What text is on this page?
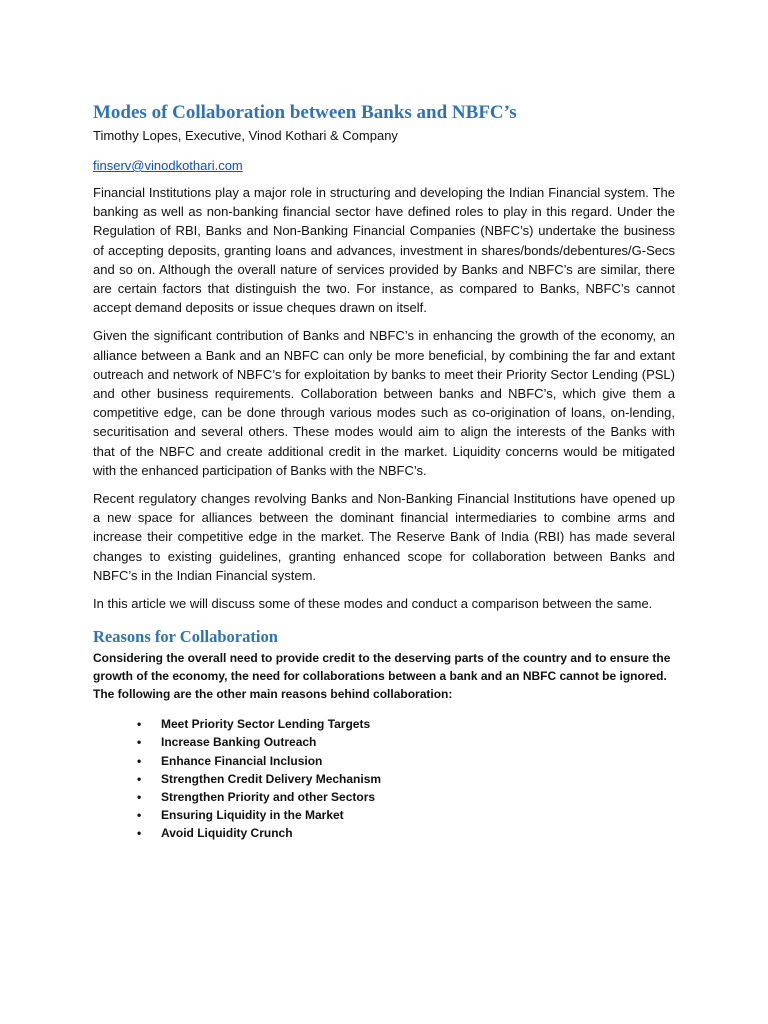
Modes of Collaboration between Banks and NBFC’s
Timothy Lopes, Executive, Vinod Kothari & Company
finserv@vinodkothari.com

Financial Institutions play a major role in structuring and developing the Indian Financial system. The banking as well as non-banking financial sector have defined roles to play in this regard. Under the Regulation of RBI, Banks and Non-Banking Financial Companies (NBFC’s) undertake the business of accepting deposits, granting loans and advances, investment in shares/bonds/debentures/G-Secs and so on. Although the overall nature of services provided by Banks and NBFC’s are similar, there are certain factors that distinguish the two. For instance, as compared to Banks, NBFC’s cannot accept demand deposits or issue cheques drawn on itself.

Given the significant contribution of Banks and NBFC’s in enhancing the growth of the economy, an alliance between a Bank and an NBFC can only be more beneficial, by combining the far and extant outreach and network of NBFC’s for exploitation by banks to meet their Priority Sector Lending (PSL) and other business requirements. Collaboration between banks and NBFC’s, which give them a competitive edge, can be done through various modes such as co-origination of loans, on-lending, securitisation and several others. These modes would aim to align the interests of the Banks with that of the NBFC and create additional credit in the market. Liquidity concerns would be mitigated with the enhanced participation of Banks with the NBFC’s.

Recent regulatory changes revolving Banks and Non-Banking Financial Institutions have opened up a new space for alliances between the dominant financial intermediaries to combine arms and increase their competitive edge in the market. The Reserve Bank of India (RBI) has made several changes to existing guidelines, granting enhanced scope for collaboration between Banks and NBFC’s in the Indian Financial system.

In this article we will discuss some of these modes and conduct a comparison between the same.

Reasons for Collaboration

Considering the overall need to provide credit to the deserving parts of the country and to ensure the growth of the economy, the need for collaborations between a bank and an NBFC cannot be ignored. The following are the other main reasons behind collaboration:

• Meet Priority Sector Lending Targets
• Increase Banking Outreach
• Enhance Financial Inclusion
• Strengthen Credit Delivery Mechanism
• Strengthen Priority and other Sectors
• Ensuring Liquidity in the Market
• Avoid Liquidity Crunch
